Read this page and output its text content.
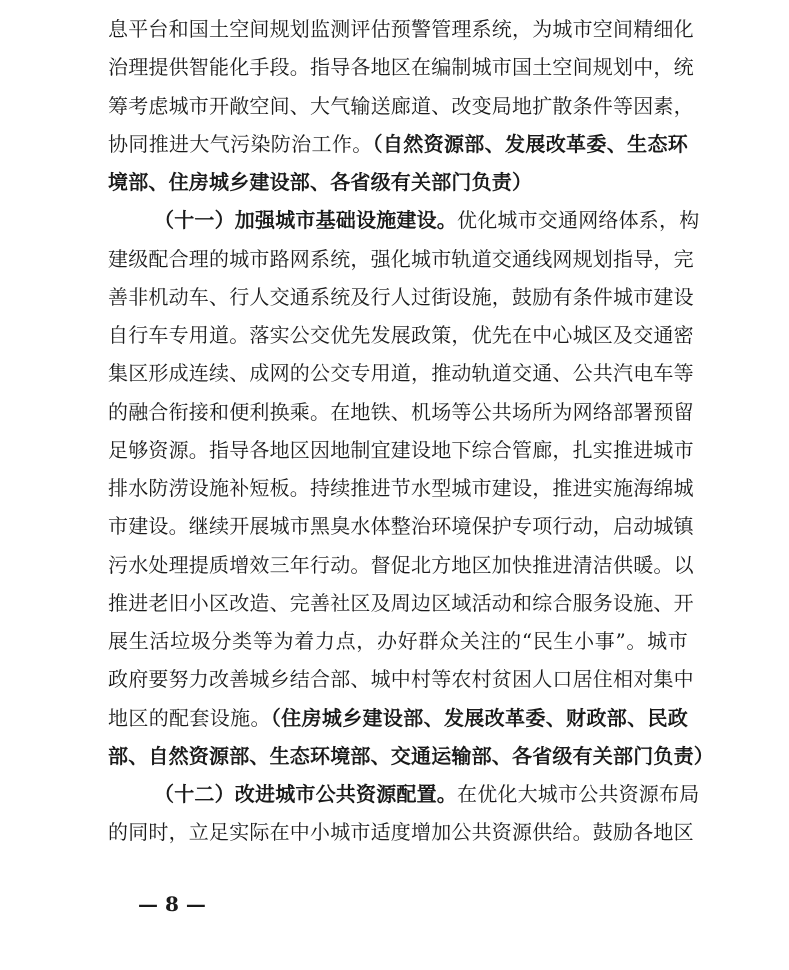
息平台和国土空间规划监测评估预警管理系统，为城市空间精细化
治理提供智能化手段。指导各地区在编制城市国土空间规划中，统
筹考虑城市开敞空间、大气输送廊道、改变局地扩散条件等因素，
协同推进大气污染防治工作。（自然资源部、发展改革委、生态环
境部、住房城乡建设部、各省级有关部门负责）
（十一）加强城市基础设施建设。优化城市交通网络体系，构
建级配合理的城市路网系统，强化城市轨道交通线网规划指导，完
善非机动车、行人交通系统及行人过街设施，鼓励有条件城市建设
自行车专用道。落实公交优先发展政策，优先在中心城区及交通密
集区形成连续、成网的公交专用道，推动轨道交通、公共汽电车等
的融合衔接和便利换乘。在地铁、机场等公共场所为网络部署预留
足够资源。指导各地区因地制宜建设地下综合管廊，扎实推进城市
排水防涝设施补短板。持续推进节水型城市建设，推进实施海绵城
市建设。继续开展城市黑臭水体整治环境保护专项行动，启动城镇
污水处理提质增效三年行动。督促北方地区加快推进清洁供暖。以
推进老旧小区改造、完善社区及周边区域活动和综合服务设施、开
展生活垃圾分类等为着力点，办好群众关注的“民生小事”。城市
政府要努力改善城乡结合部、城中村等农村贫困人口居住相对集中
地区的配套设施。（住房城乡建设部、发展改革委、财政部、民政
部、自然资源部、生态环境部、交通运输部、各省级有关部门负责）
（十二）改进城市公共资源配置。在优化大城市公共资源布局
的同时，立足实际在中小城市适度增加公共资源供给。鼓励各地区
— 8 —
